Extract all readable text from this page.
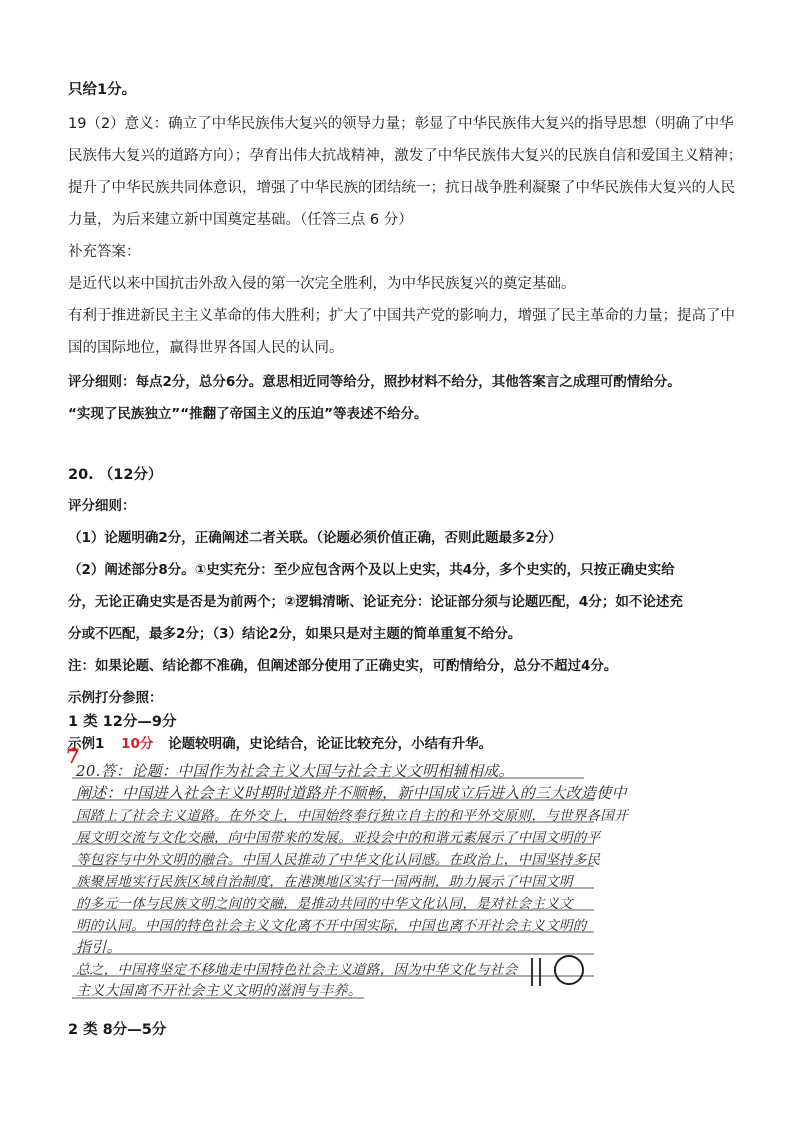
只给1分。
19（2）意义：确立了中华民族伟大复兴的领导力量；彰显了中华民族伟大复兴的指导思想（明确了中华
民族伟大复兴的道路方向）；孕育出伟大抗战精神，激发了中华民族伟大复兴的民族自信和爱国主义精神；
提升了中华民族共同体意识，增强了中华民族的团结统一；抗日战争胜利凝聚了中华民族伟大复兴的人民
力量，为后来建立新中国奠定基础。（任答三点 6 分）
补充答案：
是近代以来中国抗击外敌入侵的第一次完全胜利，为中华民族复兴的奠定基础。
有利于推进新民主主义革命的伟大胜利；扩大了中国共产党的影响力，增强了民主革命的力量；提高了中
国的国际地位，赢得世界各国人民的认同。
评分细则：每点2分，总分6分。意思相近同等给分，照抄材料不给分，其他答案言之成理可酌情给分。
“实现了民族独立”“推翻了帝国主义的压迫”等表述不给分。
20. （12分）
评分细则：
（1）论题明确2分，正确阐述二者关联。（论题必须价值正确，否则此题最多2分）
（2）阐述部分8分。①史实充分：至少应包含两个及以上史实，共4分，多个史实的，只按正确史实给
分，无论正确史实是否是为前两个；②逻辑清晰、论证充分：论证部分须与论题匹配，4分；如不论述充
分或不匹配，最多2分；（3）结论2分，如果只是对主题的简单重复不给分。
注：如果论题、结论都不准确，但阐述部分使用了正确史实，可酌情给分，总分不超过4分。
示例打分参照：
1 类 12分—9分
示例1 10分 论题较明确，史论结合，论证比较充分，小结有升华。
20.答：论题：中国作为社会主义大国与社会主义文明相辅相成。
阐述：中国进入社会主义时期时道路并不顺畅，新中国成立后进入的三大改造使中
国踏上了社会主义道路。在外交上，中国始终奉行独立自主的和平外交原则，与世界各国开
展文明交流与文化交融，向中国带来的发展。亚投会中的和谐元素展示了中国文明的平
等包容与中外文明的融合。中国人民推动了中华文化认同感。在政治上，中国坚持多民
族聚居地实行民族区域自治制度，在港澳地区实行一国两制，助力展示了中国文明
的多元一体与民族文明之间的交融，是推动共同的中华文化认同，是对社会主义文
明的认同。中国的特色社会主义文化离不开中国实际，中国也离不开社会主义文明的
指引。
总之，中国将坚定不移地走中国特色社会主义道路，因为中华文化与社会
主义大国离不开社会主义文明的滋润与丰养。
7
2 类 8分—5分
